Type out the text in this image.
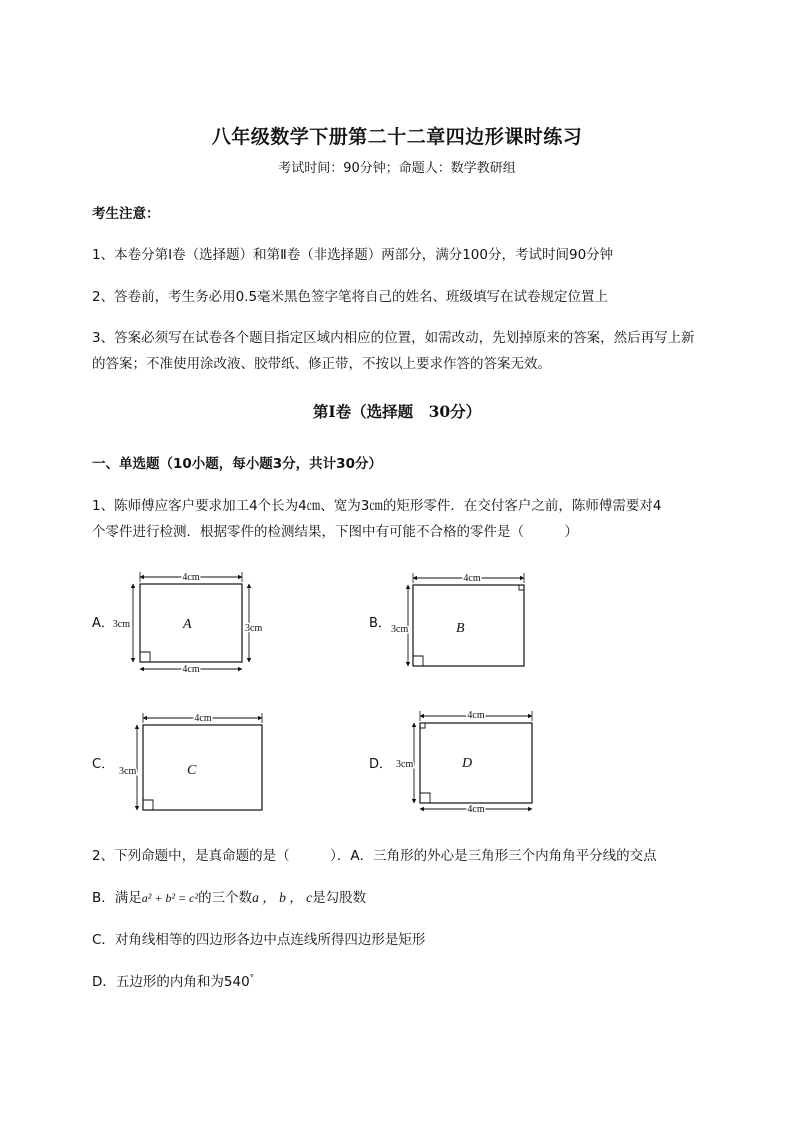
八年级数学下册第二十二章四边形课时练习
考试时间：90分钟；命题人：数学教研组
考生注意：
1、本卷分第Ⅰ卷（选择题）和第Ⅱ卷（非选择题）两部分，满分100分，考试时间90分钟
2、答卷前，考生务必用0.5毫米黑色签字笔将自己的姓名、班级填写在试卷规定位置上
3、答案必须写在试卷各个题目指定区域内相应的位置，如需改动，先划掉原来的答案，然后再写上新
的答案；不准使用涂改液、胶带纸、修正带，不按以上要求作答的答案无效。
第Ⅰ卷（选择题　30分）
一、单选题（10小题，每小题3分，共计30分）
1、陈师傅应客户要求加工4个长为4㎝、宽为3㎝的矩形零件．在交付客户之前，陈师傅需要对4
个零件进行检测．根据零件的检测结果，下图中有可能不合格的零件是（　　　）
A．	B．
C．	D．
4cm
4cm
3cm	3cm
A
4cm
3cm	B
4cm
3cm	C
4cm
4cm
3cm	D
2、下列命题中，是真命题的是（　　　）．A．三角形的外心是三角形三个内角角平分线的交点
B．满足a² + b² = c²的三个数a ， b ， c是勾股数
C．对角线相等的四边形各边中点连线所得四边形是矩形
D．五边形的内角和为540°
